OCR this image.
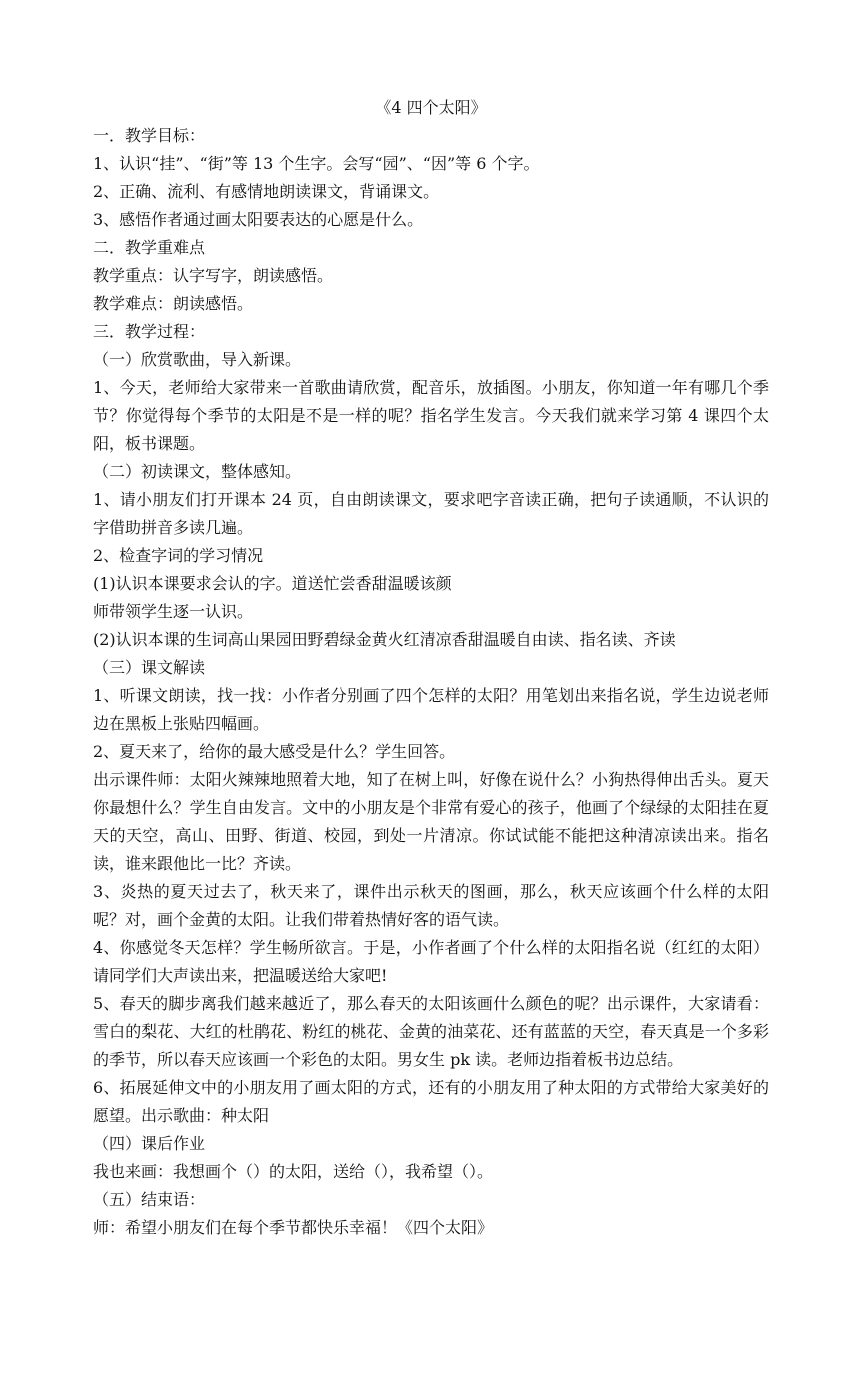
《4 四个太阳》

一．教学目标：

1、认识“挂”、“街”等 13 个生字。会写“园”、“因”等 6 个字。

2、正确、流利、有感情地朗读课文，背诵课文。

3、感悟作者通过画太阳要表达的心愿是什么。

二．教学重难点

教学重点：认字写字，朗读感悟。

教学难点：朗读感悟。

三．教学过程：

（一）欣赏歌曲，导入新课。

1、今天，老师给大家带来一首歌曲请欣赏，配音乐，放插图。小朋友，你知道一年有哪几个季节？你觉得每个季节的太阳是不是一样的呢？指名学生发言。今天我们就来学习第 4 课四个太阳，板书课题。

（二）初读课文，整体感知。

1、请小朋友们打开课本 24 页，自由朗读课文，要求吧字音读正确，把句子读通顺，不认识的字借助拼音多读几遍。

2、检查字词的学习情况

(1)认识本课要求会认的字。道送忙尝香甜温暖该颜

师带领学生逐一认识。

(2)认识本课的生词高山果园田野碧绿金黄火红清凉香甜温暖自由读、指名读、齐读

（三）课文解读

1、听课文朗读，找一找：小作者分别画了四个怎样的太阳？用笔划出来指名说，学生边说老师边在黑板上张贴四幅画。

2、夏天来了，给你的最大感受是什么？学生回答。

出示课件师：太阳火辣辣地照着大地，知了在树上叫，好像在说什么？小狗热得伸出舌头。夏天你最想什么？学生自由发言。文中的小朋友是个非常有爱心的孩子，他画了个绿绿的太阳挂在夏天的天空，高山、田野、街道、校园，到处一片清凉。你试试能不能把这种清凉读出来。指名读，谁来跟他比一比？齐读。

3、炎热的夏天过去了，秋天来了，课件出示秋天的图画，那么，秋天应该画个什么样的太阳呢？对，画个金黄的太阳。让我们带着热情好客的语气读。

4、你感觉冬天怎样？学生畅所欲言。于是，小作者画了个什么样的太阳指名说（红红的太阳）请同学们大声读出来，把温暖送给大家吧!

5、春天的脚步离我们越来越近了，那么春天的太阳该画什么颜色的呢？出示课件，大家请看：雪白的梨花、大红的杜鹃花、粉红的桃花、金黄的油菜花、还有蓝蓝的天空，春天真是一个多彩的季节，所以春天应该画一个彩色的太阳。男女生 pk 读。老师边指着板书边总结。

6、拓展延伸文中的小朋友用了画太阳的方式，还有的小朋友用了种太阳的方式带给大家美好的愿望。出示歌曲：种太阳

（四）课后作业

我也来画：我想画个（）的太阳，送给（），我希望（）。

（五）结束语：

师：希望小朋友们在每个季节都快乐幸福！《四个太阳》
